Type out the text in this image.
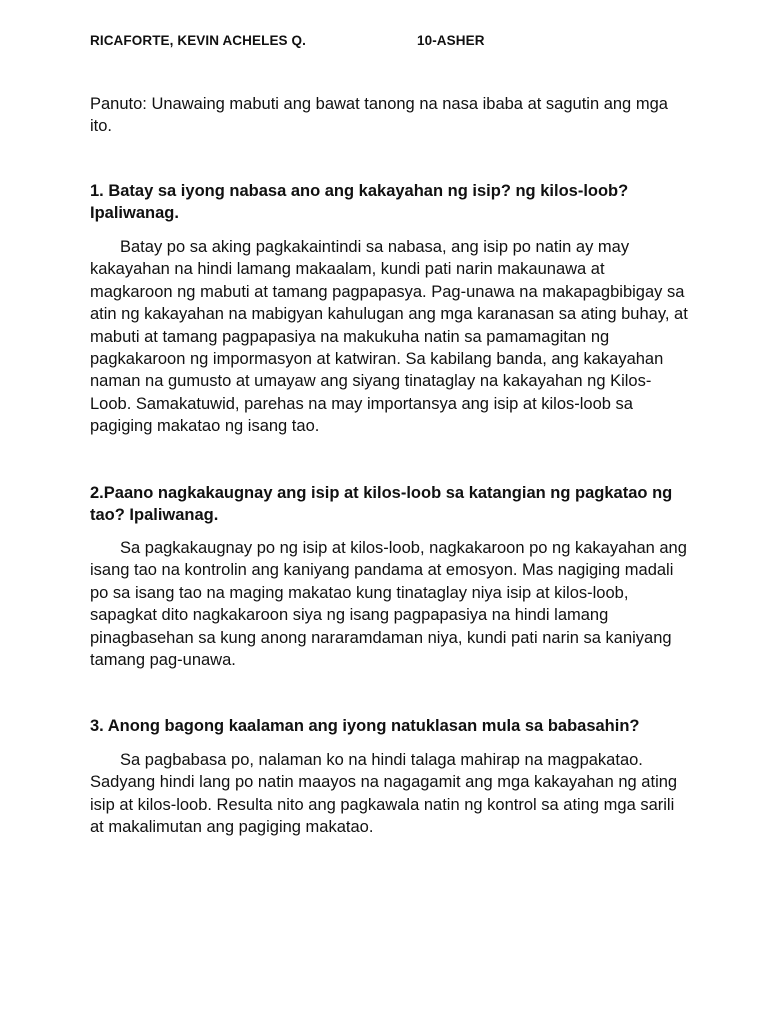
RICAFORTE, KEVIN ACHELES Q.	10-ASHER
Panuto: Unawaing mabuti ang bawat tanong na nasa ibaba at sagutin ang mga ito.
1. Batay sa iyong nabasa ano ang kakayahan ng isip? ng kilos-loob? Ipaliwanag.
Batay po sa aking pagkakaintindi sa nabasa, ang isip po natin ay may kakayahan na hindi lamang makaalam, kundi pati narin makaunawa at magkaroon ng mabuti at tamang pagpapasya. Pag-unawa na makapagbibigay sa atin ng kakayahan na mabigyan kahulugan ang mga karanasan sa ating buhay, at mabuti at tamang pagpapasiya na makukuha natin sa pamamagitan ng pagkakaroon ng impormasyon at katwiran. Sa kabilang banda, ang kakayahan naman na gumusto at umayaw ang siyang tinataglay na kakayahan ng Kilos-Loob. Samakatuwid, parehas na may importansya ang isip at kilos-loob sa pagiging makatao ng isang tao.
2.Paano nagkakaugnay ang isip at kilos-loob sa katangian ng pagkatao ng tao? Ipaliwanag.
Sa pagkakaugnay po ng isip at kilos-loob, nagkakaroon po ng kakayahan ang isang tao na kontrolin ang kaniyang pandama at emosyon. Mas nagiging madali po sa isang tao na maging makatao kung tinataglay niya isip at kilos-loob, sapagkat dito nagkakaroon siya ng isang pagpapasiya na hindi lamang pinagbasehan sa kung anong nararamdaman niya, kundi pati narin sa kaniyang tamang pag-unawa.
3. Anong bagong kaalaman ang iyong natuklasan mula sa babasahin?
Sa pagbabasa po, nalaman ko na hindi talaga mahirap na magpakatao. Sadyang hindi lang po natin maayos na nagagamit ang mga kakayahan ng ating isip at kilos-loob. Resulta nito ang pagkawala natin ng kontrol sa ating mga sarili at makalimutan ang pagiging makatao.
